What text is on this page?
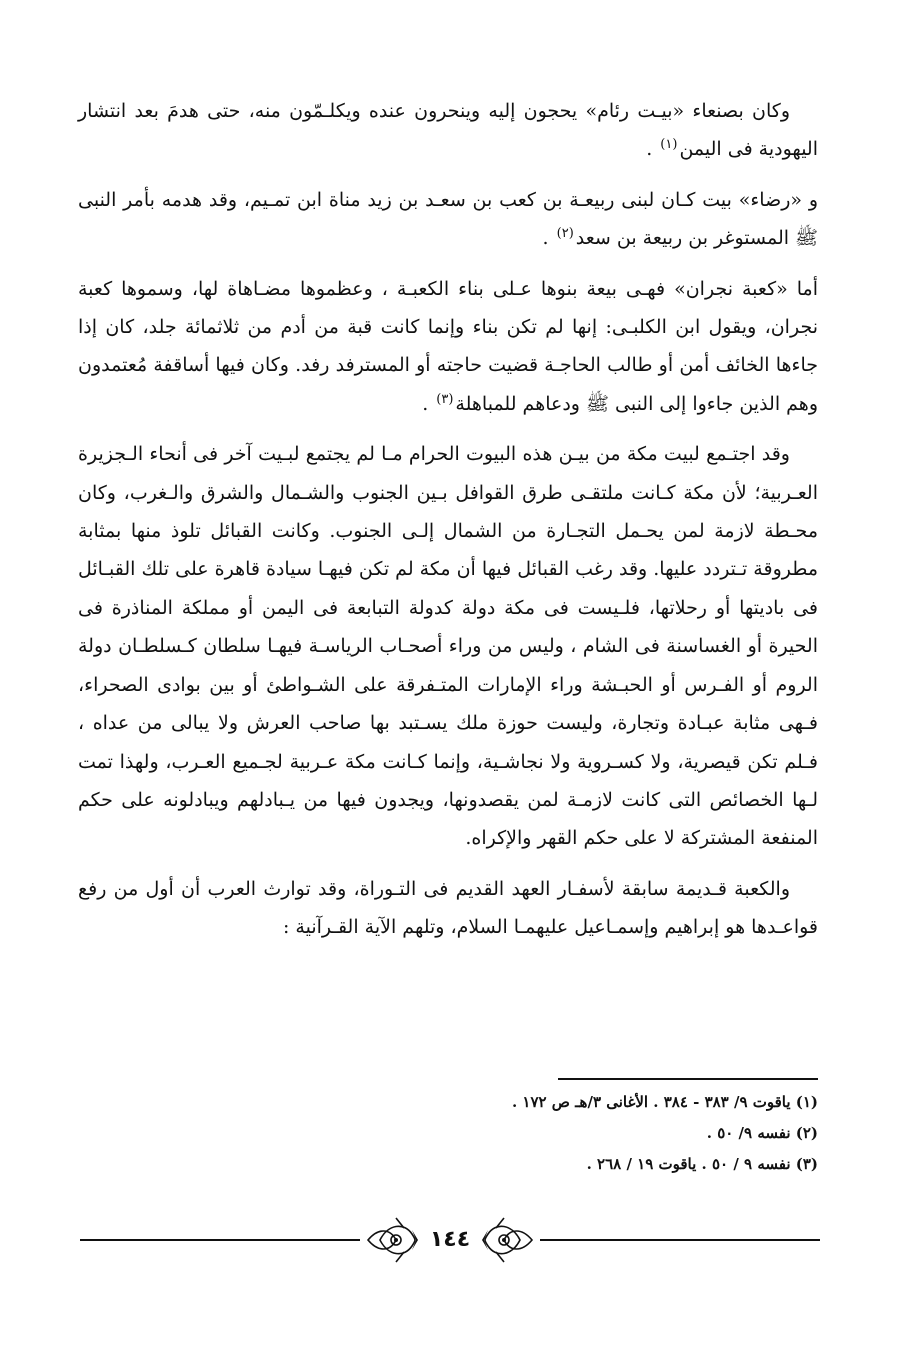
وكان بصنعاء «بيـت رئام» يحجون إليه وينحرون عنده ويكلـمّون منه، حتى هدمَ بعد انتشار اليهودية فى اليمن$^{(١)}$ .

و «رضاء» بيت كـان لبنى ربيعـة بن كعب بن سعـد بن زيد مناة ابن تمـيم، وقد هدمه بأمر النبى ﷺ المستوغر بن ربيعة بن سعد$^{(٢)}$ .

أما «كعبة نجران» فهـى بيعة بنوها عـلى بناء الكعبـة ، وعظموها مضـاهاة لها، وسموها كعبة نجران، ويقول ابن الكلبـى: إنها لم تكن بناء وإنما كانت قبة من أدم من ثلاثمائة جلد، كان إذا جاءها الخائف أمن أو طالب الحاجـة قضيت حاجته أو المسترفد رفد. وكان فيها أساقفة مُعتمدون وهم الذين جاءوا إلى النبى ﷺ ودعاهم للمباهلة$^{(٣)}$ .

وقد اجتـمع لبيت مكة من بيـن هذه البيوت الحرام مـا لم يجتمع لبـيت آخر فى أنحاء الـجزيرة العـربية؛ لأن مكة كـانت ملتقـى طرق القوافل بـين الجنوب والشـمال والشرق والـغرب، وكان محـطة لازمة لمن يحـمل التجـارة من الشمال إلـى الجنوب. وكانت القبائل تلوذ منها بمثابة مطروقة تـتردد عليها. وقد رغب القبائل فيها أن مكة لم تكن فيهـا سيادة قاهرة على تلك القبـائل فى باديتها أو رحلاتها، فلـيست فى مكة دولة كدولة التبابعة فى اليمن أو مملكة المناذرة فى الحيرة أو الغساسنة فى الشام ، وليس من وراء أصحـاب الرياسـة فيهـا سلطان كـسلطـان دولة الروم أو الفـرس أو الحبـشة وراء الإمارات المتـفرقة على الشـواطئ أو بين بوادى الصحراء، فـهى مثابة عبـادة وتجارة، وليست حوزة ملك يسـتبد بها صاحب العرش ولا يبالى من عداه ، فـلم تكن قيصرية، ولا كسـروية ولا نجاشـية، وإنما كـانت مكة عـربية لجـميع العـرب، ولهذا تمت لـها الخصائص التى كانت لازمـة لمن يقصدونها، ويجدون فيها من يـبادلهم ويبادلونه على حكم المنفعة المشتركة لا على حكم القهر والإكراه.

والكعبة قـديمة سابقة لأسفـار العهد القديم فى التـوراة، وقد توارث العرب أن أول من رفع قواعـدها هو إبراهيم وإسمـاعيل عليهمـا السلام، وتلهم الآية القـرآنية :

(١) ياقوت ٩/ ٣٨٣ - ٣٨٤ . الأغانى ٣/هـ ص ١٧٢ .

(٢) نفسه ٩/ ٥٠ .

(٣) نفسه ٩ / ٥٠ . ياقوت ١٩ / ٢٦٨ .

١٤٤
